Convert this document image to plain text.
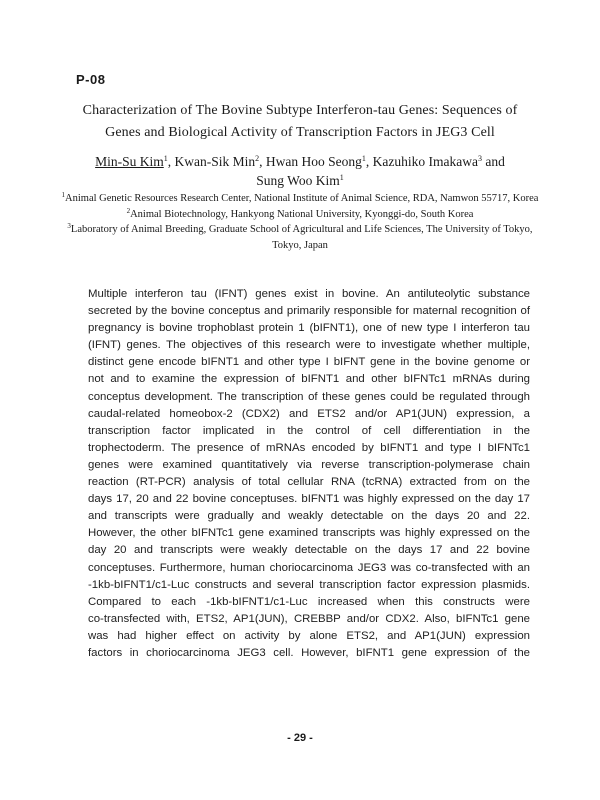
P-08
Characterization of The Bovine Subtype Interferon-tau Genes: Sequences of
Genes and Biological Activity of Transcription Factors in JEG3 Cell
Min-Su Kim$^1$, Kwan-Sik Min$^2$, Hwan Hoo Seong$^1$, Kazuhiko Imakawa$^3$ and
Sung Woo Kim$^1$
$^1$Animal Genetic Resources Research Center, National Institute of Animal Science, RDA, Namwon 55717, Korea
$^2$Animal Biotechnology, Hankyong National University, Kyonggi-do, South Korea
$^3$Laboratory of Animal Breeding, Graduate School of Agricultural and Life Sciences, The University of Tokyo, Tokyo, Japan
Multiple interferon tau (IFNT) genes exist in bovine. An antiluteolytic substance
secreted by the bovine conceptus and primarily responsible for maternal recognition of
pregnancy is bovine trophoblast protein 1 (bIFNT1), one of new type I interferon tau
(IFNT) genes. The objectives of this research were to investigate whether multiple,
distinct gene encode bIFNT1 and other type I bIFNT gene in the bovine genome or
not and to examine the expression of bIFNT1 and other bIFNTc1 mRNAs during
conceptus development. The transcription of these genes could be regulated through
caudal-related homeobox-2 (CDX2) and ETS2 and/or AP1(JUN) expression, a
transcription factor implicated in the control of cell differentiation in the
trophectoderm. The presence of mRNAs encoded by bIFNT1 and type I bIFNTc1
genes were examined quantitatively via reverse transcription-polymerase chain
reaction (RT-PCR) analysis of total cellular RNA (tcRNA) extracted from on the
days 17, 20 and 22 bovine conceptuses. bIFNT1 was highly expressed on the day 17
and transcripts were gradually and weakly detectable on the days 20 and 22.
However, the other bIFNTc1 gene examined transcripts was highly expressed on the
day 20 and transcripts were weakly detectable on the days 17 and 22 bovine
conceptuses. Furthermore, human choriocarcinoma JEG3 was co-transfected with an
-1kb-bIFNT1/c1-Luc constructs and several transcription factor expression plasmids.
Compared to each -1kb-bIFNT1/c1-Luc increased when this constructs were
co-transfected with, ETS2, AP1(JUN), CREBBP and/or CDX2. Also, bIFNTc1 gene
was had higher effect on activity by alone ETS2, and AP1(JUN) expression
factors in choriocarcinoma JEG3 cell. However, bIFNT1 gene expression of the
- 29 -
